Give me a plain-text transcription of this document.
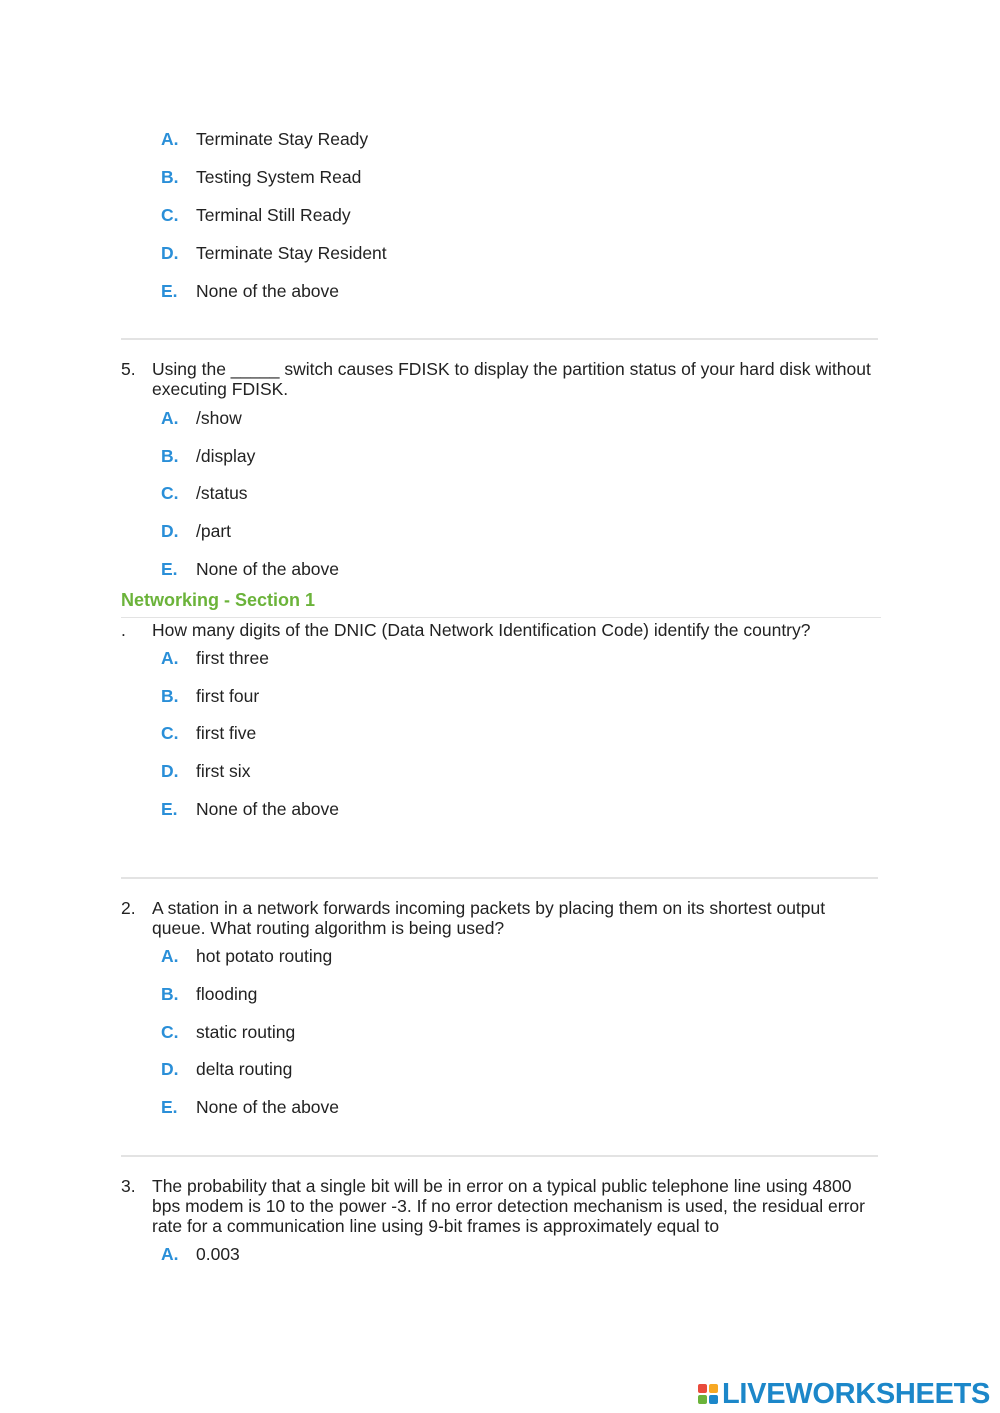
A. Terminate Stay Ready
B. Testing System Read
C. Terminal Still Ready
D. Terminate Stay Resident
E. None of the above
5. Using the _____ switch causes FDISK to display the partition status of your hard disk without executing FDISK.
A. /show
B. /display
C. /status
D. /part
E. None of the above
Networking - Section 1
.	How many digits of the DNIC (Data Network Identification Code) identify the country?
A. first three
B. first four
C. first five
D. first six
E. None of the above
2. A station in a network forwards incoming packets by placing them on its shortest output queue. What routing algorithm is being used?
A. hot potato routing
B. flooding
C. static routing
D. delta routing
E. None of the above
3. The probability that a single bit will be in error on a typical public telephone line using 4800 bps modem is 10 to the power -3. If no error detection mechanism is used, the residual error rate for a communication line using 9-bit frames is approximately equal to
A. 0.003
LIVEWORKSHEETS
